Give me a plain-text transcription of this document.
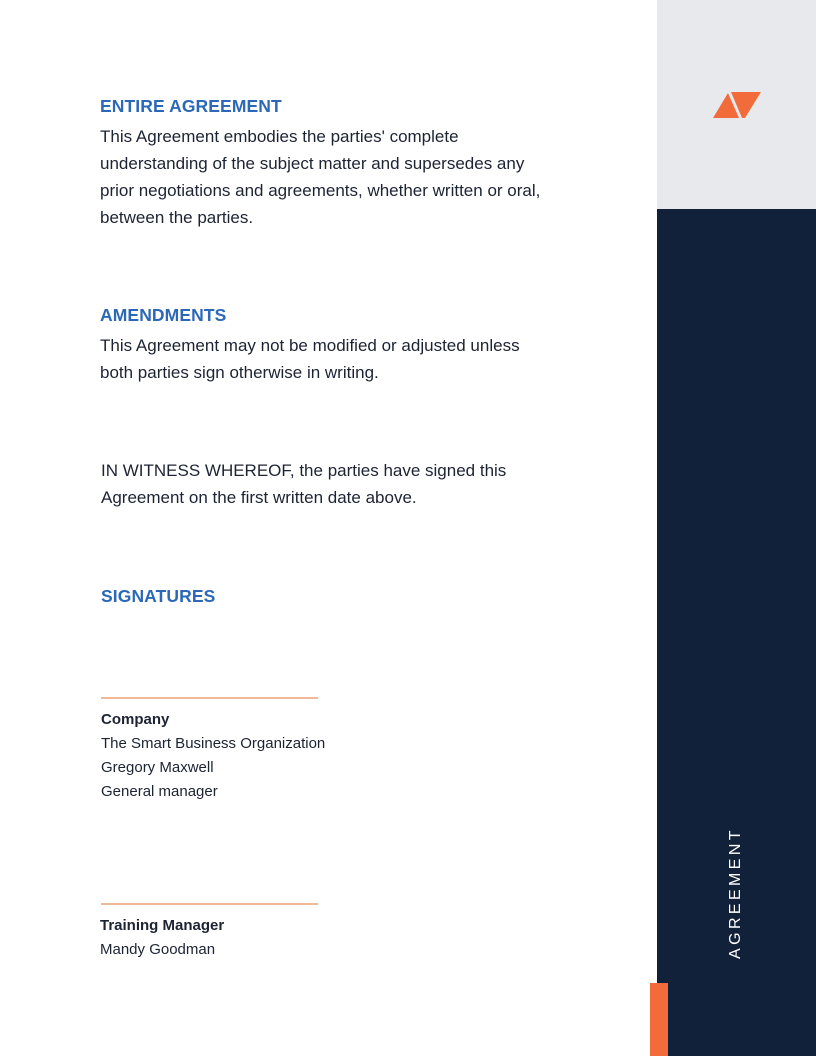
ENTIRE AGREEMENT

This Agreement embodies the parties' complete
understanding of the subject matter and supersedes any
prior negotiations and agreements, whether written or oral,
between the parties.

AMENDMENTS

This Agreement may not be modified or adjusted unless
both parties sign otherwise in writing.

IN WITNESS WHEREOF, the parties have signed this
Agreement on the first written date above.

SIGNATURES

Company
The Smart Business Organization
Gregory Maxwell
General manager

Training Manager
Mandy Goodman	AGREEMENT
